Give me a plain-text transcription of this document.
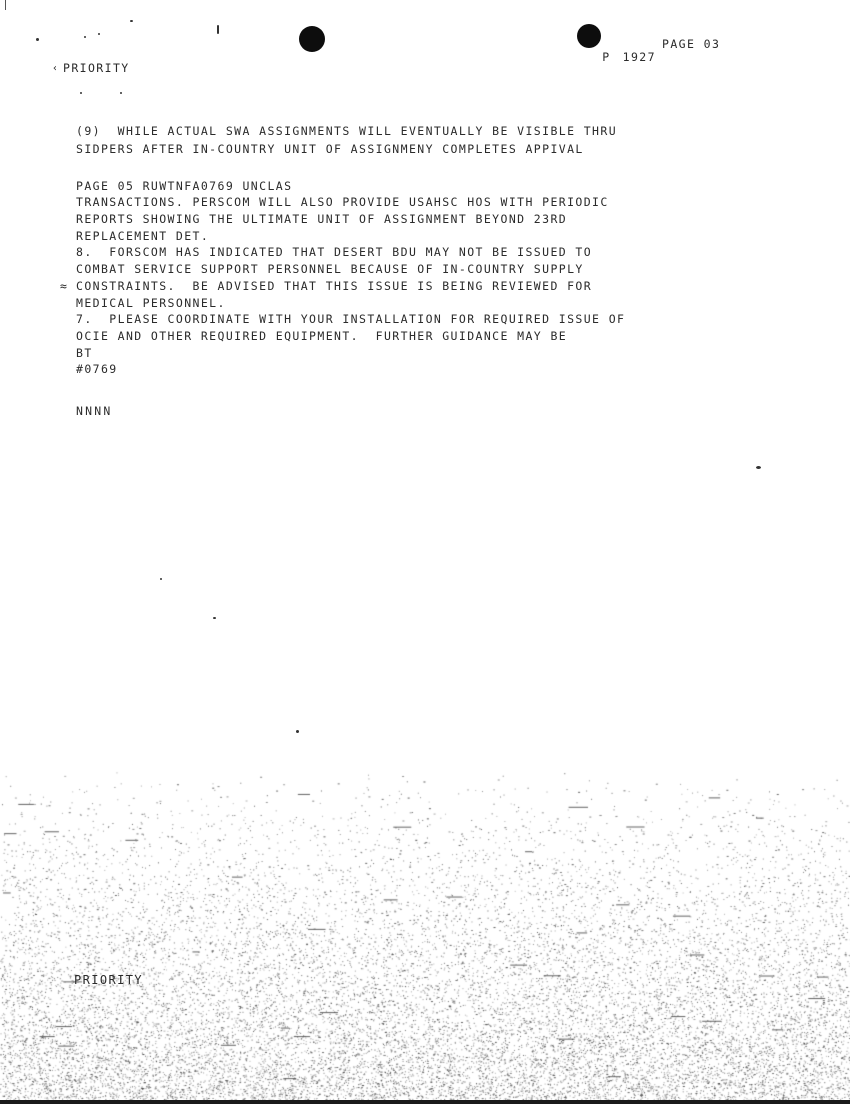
P 1927

PAGE 03
PRIORITY
‹
(9)  WHILE ACTUAL SWA ASSIGNMENTS WILL EVENTUALLY BE VISIBLE THRU
SIDPERS AFTER IN-COUNTRY UNIT OF ASSIGNMENY COMPLETES APPIVAL
PAGE 05 RUWTNFA0769 UNCLAS
TRANSACTIONS. PERSCOM WILL ALSO PROVIDE USAHSC HOS WITH PERIODIC
REPORTS SHOWING THE ULTIMATE UNIT OF ASSIGNMENT BEYOND 23RD
REPLACEMENT DET.
8.  FORSCOM HAS INDICATED THAT DESERT BDU MAY NOT BE ISSUED TO
COMBAT SERVICE SUPPORT PERSONNEL BECAUSE OF IN-COUNTRY SUPPLY
≈ CONSTRAINTS.  BE ADVISED THAT THIS ISSUE IS BEING REVIEWED FOR
MEDICAL PERSONNEL.
7.  PLEASE COORDINATE WITH YOUR INSTALLATION FOR REQUIRED ISSUE OF
OCIE AND OTHER REQUIRED EQUIPMENT.  FURTHER GUIDANCE MAY BE
BT
#0769
NNNN
PRIORITY
